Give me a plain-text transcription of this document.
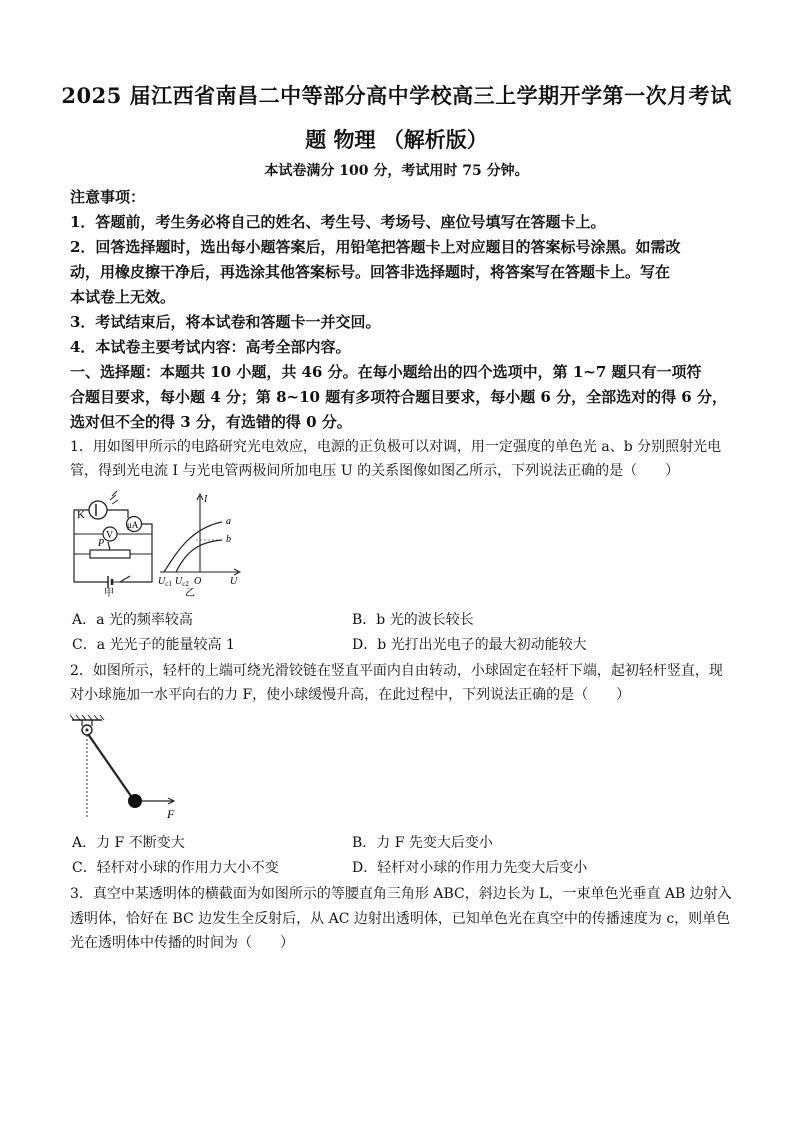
2025 届江西省南昌二中等部分高中学校高三上学期开学第一次月考试
题 物理 （解析版）
本试卷满分 100 分，考试用时 75 分钟。
注意事项：
1．答题前，考生务必将自己的姓名、考生号、考场号、座位号填写在答题卡上。
2．回答选择题时，选出每小题答案后，用铅笔把答题卡上对应题目的答案标号涂黑。如需改
动，用橡皮擦干净后，再选涂其他答案标号。回答非选择题时，将答案写在答题卡上。写在
本试卷上无效。
3．考试结束后，将本试卷和答题卡一并交回。
4．本试卷主要考试内容：高考全部内容。
一、选择题：本题共 10 小题，共 46 分。在每小题给出的四个选项中，第 1~7 题只有一项符
合题目要求，每小题 4 分；第 8~10 题有多项符合题目要求，每小题 6 分，全部选对的得 6 分，
选对但不全的得 3 分，有选错的得 0 分。
1．用如图甲所示的电路研究光电效应，电源的正负极可以对调，用一定强度的单色光 a、b 分别照射光电
管，得到光电流 I 与光电管两极间所加电压 U 的关系图像如图乙所示，下列说法正确的是（　　）
K
μA
V
P
甲
I
a
b
$U_{c1}$ $U_{c2}$ O	U
乙
A．a 光的频率较高	B．b 光的波长较长
C．a 光光子的能量较高 1	D．b 光打出光电子的最大初动能较大
2．如图所示，轻杆的上端可绕光滑铰链在竖直平面内自由转动，小球固定在轻杆下端，起初轻杆竖直，现
对小球施加一水平向右的力 F，使小球缓慢升高，在此过程中，下列说法正确的是（　　）
F
A．力 F 不断变大	B．力 F 先变大后变小
C．轻杆对小球的作用力大小不变	D．轻杆对小球的作用力先变大后变小
3．真空中某透明体的横截面为如图所示的等腰直角三角形 ABC，斜边长为 L，一束单色光垂直 AB 边射入
透明体，恰好在 BC 边发生全反射后，从 AC 边射出透明体，已知单色光在真空中的传播速度为 c，则单色
光在透明体中传播的时间为（　　）
